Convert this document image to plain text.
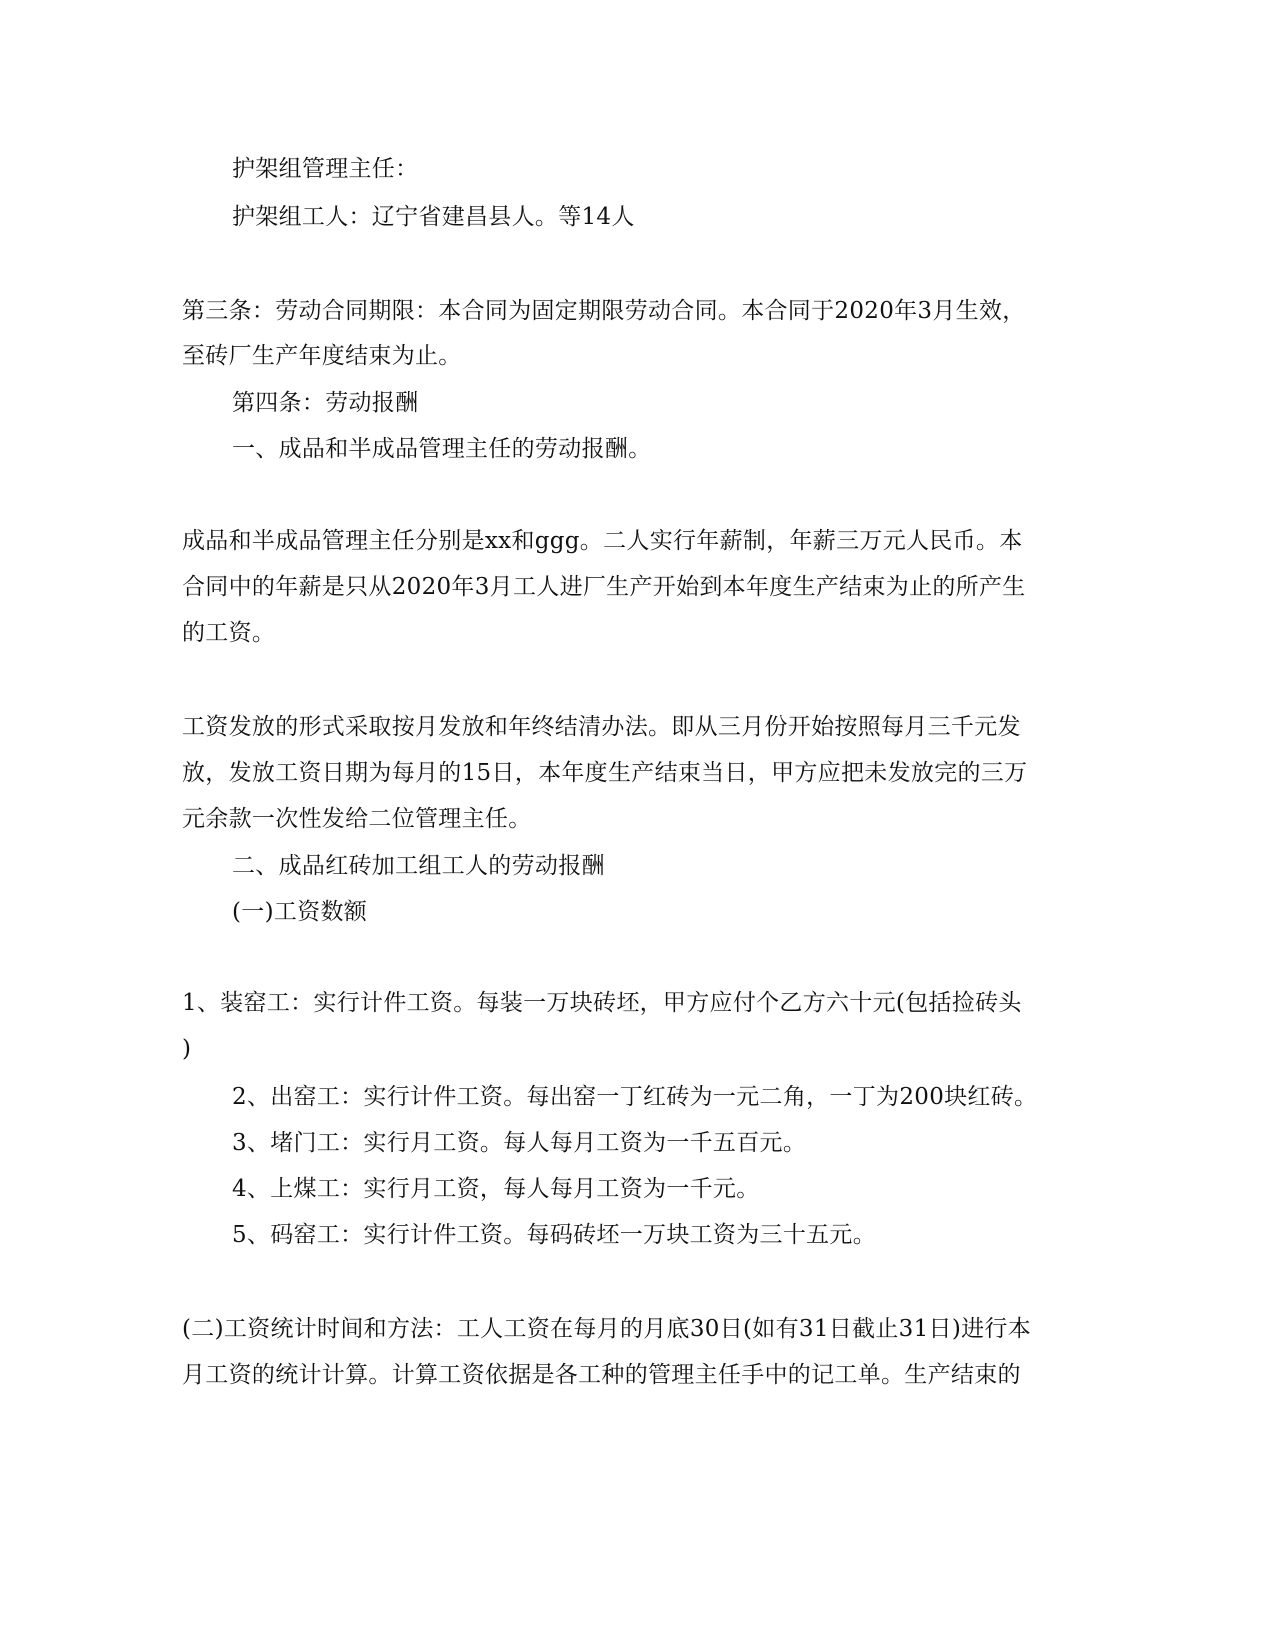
护架组管理主任：
护架组工人：辽宁省建昌县人。等14人
第三条：劳动合同期限：本合同为固定期限劳动合同。本合同于2020年3月生效，
至砖厂生产年度结束为止。
第四条：劳动报酬
一、成品和半成品管理主任的劳动报酬。
成品和半成品管理主任分别是xx和ggg。二人实行年薪制，年薪三万元人民币。本
合同中的年薪是只从2020年3月工人进厂生产开始到本年度生产结束为止的所产生
的工资。
工资发放的形式采取按月发放和年终结清办法。即从三月份开始按照每月三千元发
放，发放工资日期为每月的15日，本年度生产结束当日，甲方应把未发放完的三万
元余款一次性发给二位管理主任。
二、成品红砖加工组工人的劳动报酬
(一)工资数额
1、装窑工：实行计件工资。每装一万块砖坯，甲方应付个乙方六十元(包括捡砖头
)
2、出窑工：实行计件工资。每出窑一丁红砖为一元二角，一丁为200块红砖。
3、堵门工：实行月工资。每人每月工资为一千五百元。
4、上煤工：实行月工资，每人每月工资为一千元。
5、码窑工：实行计件工资。每码砖坯一万块工资为三十五元。
(二)工资统计时间和方法：工人工资在每月的月底30日(如有31日截止31日)进行本
月工资的统计计算。计算工资依据是各工种的管理主任手中的记工单。生产结束的
